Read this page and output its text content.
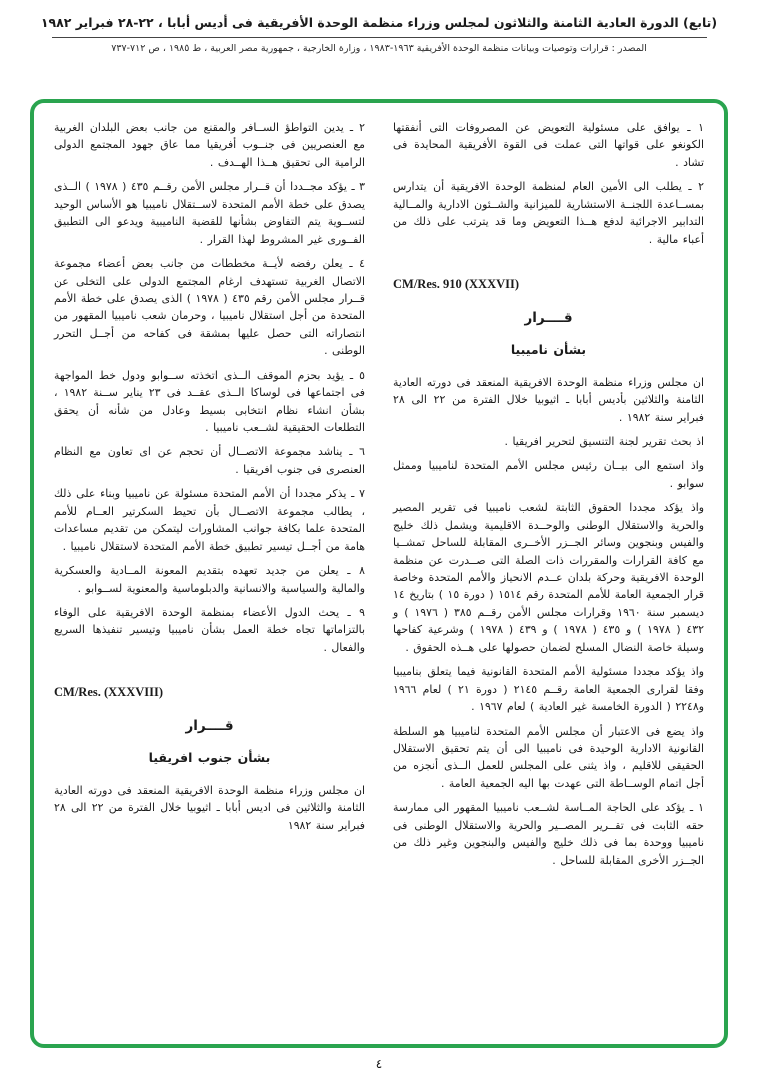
(تابع) الدورة العادية الثامنة والثلاثون لمجلس وزراء منظمة الوحدة الأفريقية فى أديس أبابا ، ٢٢-٢٨ فبراير ١٩٨٢
المصدر : قرارات وتوصيات وبيانات منظمة الوحدة الأفريقية ١٩٦٣-١٩٨٣ ، وزارة الخارجية ، جمهورية مصر العربية ، ط ١٩٨٥ ، ص ٧١٢-٧٣٧

١ ـ يوافق على مسئولية التعويض عن المصروفات التى أنفقتها الكونغو على قواتها التى عملت فى القوة الأفريقية المحايدة فى تشاد .

٢ ـ يطلب الى الأمين العام لمنظمة الوحدة الافريقية أن يتدارس بمســاعدة اللجنــة الاستشارية للميزانية والشــئون الادارية والمــالية التدابير الاجرائية لدفع هــذا التعويض وما قد يترتب على ذلك من أعباء مالية .

CM/Res. 910 (XXXVII)

قــــرار

بشأن ناميبيا

ان مجلس وزراء منظمة الوحدة الافريقية المنعقد فى دورته العادية الثامنة والثلاثين بأديس أبابا ـ اثيوبيا خلال الفترة من ٢٢ الى ٢٨ فبراير سنة ١٩٨٢ .

اذ بحث تقرير لجنة التنسيق لتحرير افريقيا .

واذ استمع الى بيــان رئيس مجلس الأمم المتحدة لناميبيا وممثل سوابو .

واذ يؤكد مجددا الحقوق الثابتة لشعب ناميبيا فى تقرير المصير والحرية والاستقلال الوطنى والوحــدة الاقليمية ويشمل ذلك خليج والفيس وبنجوين وسائر الجــزر الأخــرى المقابلة للساحل تمشــيا مع كافة القرارات والمقررات ذات الصلة التى صــدرت عن منظمة الوحدة الافريقية وحركة بلدان عــدم الانحياز والأمم المتحدة وخاصة قرار الجمعية العامة للأمم المتحدة رقم ١٥١٤ ( دورة ١٥ ) بتاريخ ١٤ ديسمبر سنة ١٩٦٠ وقرارات مجلس الأمن رقــم ٣٨٥ ( ١٩٧٦ ) و ٤٣٢ ( ١٩٧٨ ) و ٤٣٥ ( ١٩٧٨ ) و ٤٣٩ ( ١٩٧٨ ) وشرعية كفاحها وسيلة خاصة النضال المسلح لضمان حصولها على هــذه الحقوق .

واذ يؤكد مجددا مسئولية الأمم المتحدة القانونية فيما يتعلق بناميبيا وفقا لقرارى الجمعية العامة رقــم ٢١٤٥ ( دورة ٢١ ) لعام ١٩٦٦ و٢٢٤٨ ( الدورة الخامسة غير العادية ) لعام ١٩٦٧ .

واذ يضع فى الاعتبار أن مجلس الأمم المتحدة لناميبيا هو السلطة القانونية الادارية الوحيدة فى ناميبيا الى أن يتم تحقيق الاستقلال الحقيقى للاقليم ، واذ يثنى على المجلس للعمل الــذى أنجزه من أجل اتمام الوســاطة التى عهدت بها اليه الجمعية العامة .

١ ـ يؤكد على الحاجة المــاسة لشــعب ناميبيا المقهور الى ممارسة حقه الثابت فى تقــرير المصــير والحرية والاستقلال الوطنى فى ناميبيا ووحدة بما فى ذلك خليج والفيس والبنجوين وغير ذلك من الجــزر الأخرى المقابلة للساحل .

٢ ـ يدين التواطؤ الســافر والمقنع من جانب بعض البلدان الغربية مع العنصريين فى جنــوب أفريقيا مما عاق جهود المجتمع الدولى الرامية الى تحقيق هــذا الهــدف .

٣ ـ يؤكد مجــددا أن قــرار مجلس الأمن رقــم ٤٣٥ ( ١٩٧٨ ) الــذى يصدق على خطة الأمم المتحدة لاســتقلال ناميبيا هو الأساس الوحيد لتســوية يتم التفاوض بشأنها للقضية الناميبية ويدعو الى التطبيق الفــورى غير المشروط لهذا القرار .

٤ ـ يعلن رفضه لأيــة مخططات من جانب بعض أعضاء مجموعة الاتصال الغربية تستهدف ارغام المجتمع الدولى على التخلى عن قــرار مجلس الأمن رقم ٤٣٥ ( ١٩٧٨ ) الذى يصدق على خطة الأمم المتحدة من أجل استقلال ناميبيا ، وحرمان شعب ناميبيا المقهور من انتصاراته التى حصل عليها بمشقة فى كفاحه من أجــل التحرر الوطنى .

٥ ـ يؤيد بحزم الموقف الــذى اتخذته ســوابو ودول خط المواجهة فى اجتماعها فى لوساكا الــذى عقــد فى ٢٣ يناير ســنة ١٩٨٢ ، بشأن انشاء نظام انتخابى بسيط وعادل من شأنه أن يحقق التطلعات الحقيقية لشــعب ناميبيا .

٦ ـ يناشد مجموعة الاتصــال أن تحجم عن اى تعاون مع النظام العنصرى فى جنوب افريقيا .

٧ ـ يذكر مجددا أن الأمم المتحدة مسئولة عن ناميبيا وبناء على ذلك ، يطالب مجموعة الاتصــال بأن تحيط السكرتير العــام للأمم المتحدة علما بكافة جوانب المشاورات ليتمكن من تقديم مساعدات هامة من أجــل تيسير تطبيق خطة الأمم المتحدة لاستقلال ناميبيا .

٨ ـ يعلن من جديد تعهده بتقديم المعونة المــادية والعسكرية والمالية والسياسية والانسانية والدبلوماسية والمعنوية لســوابو .

٩ ـ يحث الدول الأعضاء بمنظمة الوحدة الافريقية على الوفاء بالتزاماتها تجاه خطة العمل بشأن ناميبيا وتيسير تنفيذها السريع والفعال .

CM/Res. (XXXVIII)

قــــرار

بشأن جنوب افريقيا

ان مجلس وزراء منظمة الوحدة الافريقية المنعقد فى دورته العادية الثامنة والثلاثين فى اديس أبابا ـ اثيوبيا خلال الفترة من ٢٢ الى ٢٨ فبراير سنة ١٩٨٢

٤
